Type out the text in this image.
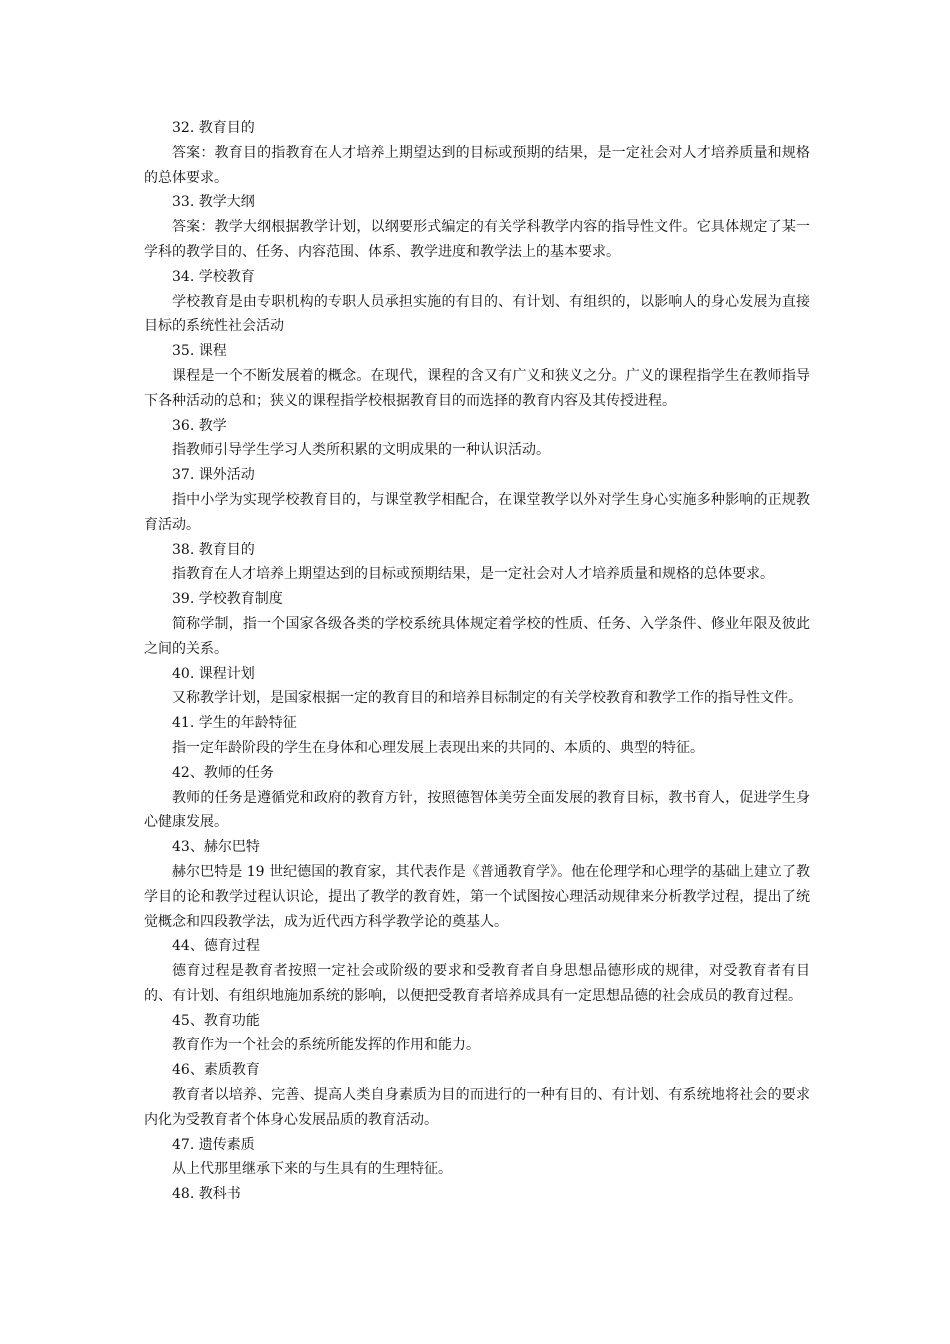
32. 教育目的

答案：教育目的指教育在人才培养上期望达到的目标或预期的结果，是一定社会对人才培养质量和规格的总体要求。

33. 教学大纲

答案：教学大纲根据教学计划，以纲要形式编定的有关学科教学内容的指导性文件。它具体规定了某一学科的教学目的、任务、内容范围、体系、教学进度和教学法上的基本要求。

34. 学校教育

学校教育是由专职机构的专职人员承担实施的有目的、有计划、有组织的，以影响人的身心发展为直接目标的系统性社会活动

35. 课程

课程是一个不断发展着的概念。在现代，课程的含又有广义和狭义之分。广义的课程指学生在教师指导下各种活动的总和；狭义的课程指学校根据教育目的而选择的教育内容及其传授进程。

36. 教学

指教师引导学生学习人类所积累的文明成果的一种认识活动。

37. 课外活动

指中小学为实现学校教育目的，与课堂教学相配合，在课堂教学以外对学生身心实施多种影响的正规教育活动。

38. 教育目的

指教育在人才培养上期望达到的目标或预期结果，是一定社会对人才培养质量和规格的总体要求。

39. 学校教育制度

简称学制，指一个国家各级各类的学校系统具体规定着学校的性质、任务、入学条件、修业年限及彼此之间的关系。

40. 课程计划

又称教学计划，是国家根据一定的教育目的和培养目标制定的有关学校教育和教学工作的指导性文件。

41. 学生的年龄特征

指一定年龄阶段的学生在身体和心理发展上表现出来的共同的、本质的、典型的特征。

42、教师的任务

教师的任务是遵循党和政府的教育方针，按照德智体美劳全面发展的教育目标，教书育人，促进学生身心健康发展。

43、赫尔巴特

赫尔巴特是 19 世纪德国的教育家，其代表作是《普通教育学》。他在伦理学和心理学的基础上建立了教学目的论和教学过程认识论，提出了教学的教育姓，第一个试图按心理活动规律来分析教学过程，提出了统觉概念和四段教学法，成为近代西方科学教学论的奠基人。

44、德育过程

德育过程是教育者按照一定社会或阶级的要求和受教育者自身思想品德形成的规律，对受教育者有目的、有计划、有组织地施加系统的影响，以便把受教育者培养成具有一定思想品德的社会成员的教育过程。

45、教育功能

教育作为一个社会的系统所能发挥的作用和能力。

46、素质教育

教育者以培养、完善、提高人类自身素质为目的而进行的一种有目的、有计划、有系统地将社会的要求内化为受教育者个体身心发展品质的教育活动。

47. 遗传素质

从上代那里继承下来的与生具有的生理特征。

48. 教科书
